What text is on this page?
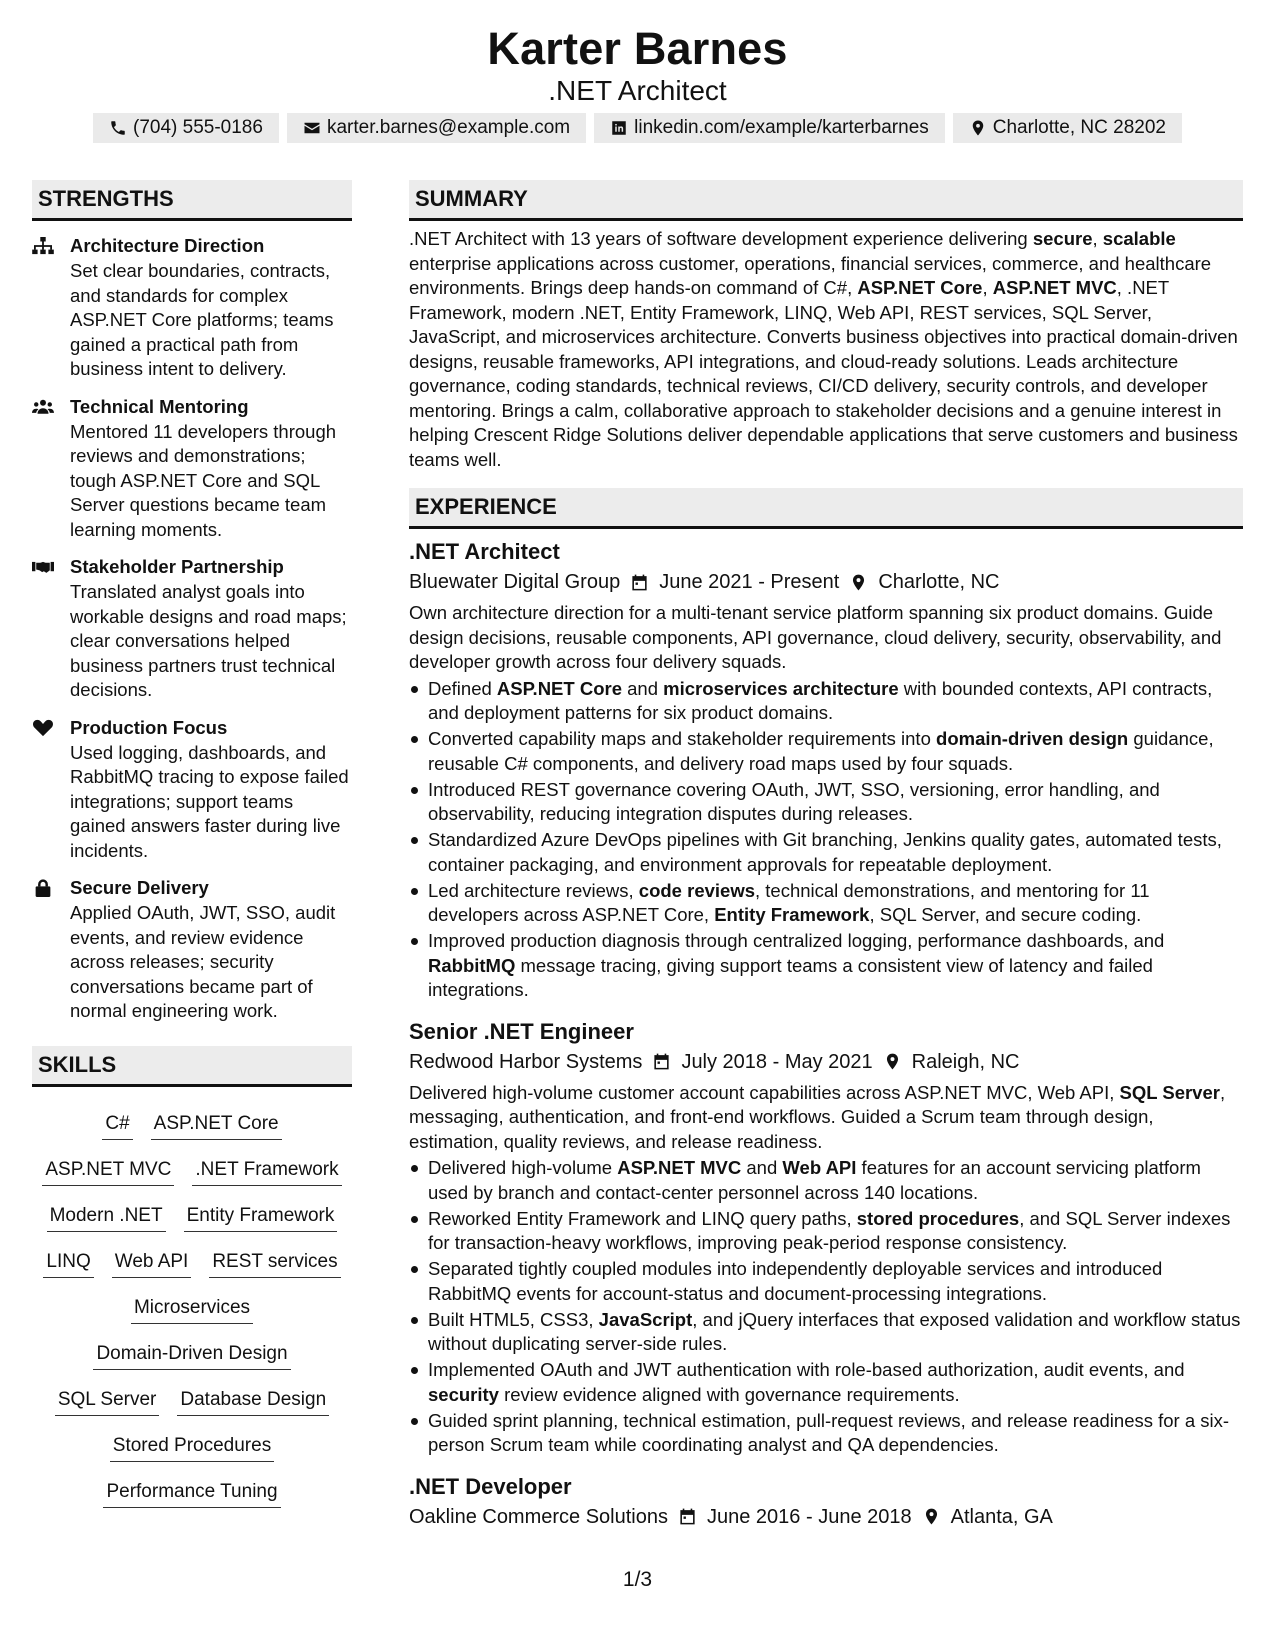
Karter Barnes
.NET Architect
(704) 555-0186	karter.barnes@example.com	linkedin.com/example/karterbarnes	Charlotte, NC 28202
STRENGTHS
Architecture Direction
Set clear boundaries, contracts, and standards for complex ASP.NET Core platforms; teams gained a practical path from business intent to delivery.
Technical Mentoring
Mentored 11 developers through reviews and demonstrations; tough ASP.NET Core and SQL Server questions became team learning moments.
Stakeholder Partnership
Translated analyst goals into workable designs and road maps; clear conversations helped business partners trust technical decisions.
Production Focus
Used logging, dashboards, and RabbitMQ tracing to expose failed integrations; support teams gained answers faster during live incidents.
Secure Delivery
Applied OAuth, JWT, SSO, audit events, and review evidence across releases; security conversations became part of normal engineering work.
SKILLS
C# ASP.NET Core
ASP.NET MVC .NET Framework
Modern .NET Entity Framework
LINQ Web API REST services
Microservices
Domain-Driven Design
SQL Server Database Design
Stored Procedures
Performance Tuning
SUMMARY
.NET Architect with 13 years of software development experience delivering secure, scalable enterprise applications across customer, operations, financial services, commerce, and healthcare environments. Brings deep hands-on command of C#, ASP.NET Core, ASP.NET MVC, .NET Framework, modern .NET, Entity Framework, LINQ, Web API, REST services, SQL Server, JavaScript, and microservices architecture. Converts business objectives into practical domain-driven designs, reusable frameworks, API integrations, and cloud-ready solutions. Leads architecture governance, coding standards, technical reviews, CI/CD delivery, security controls, and developer mentoring. Brings a calm, collaborative approach to stakeholder decisions and a genuine interest in helping Crescent Ridge Solutions deliver dependable applications that serve customers and business teams well.
EXPERIENCE
.NET Architect
Bluewater Digital Group June 2021 - Present Charlotte, NC
Own architecture direction for a multi-tenant service platform spanning six product domains. Guide design decisions, reusable components, API governance, cloud delivery, security, observability, and developer growth across four delivery squads.
Defined ASP.NET Core and microservices architecture with bounded contexts, API contracts, and deployment patterns for six product domains.
Converted capability maps and stakeholder requirements into domain-driven design guidance, reusable C# components, and delivery road maps used by four squads.
Introduced REST governance covering OAuth, JWT, SSO, versioning, error handling, and observability, reducing integration disputes during releases.
Standardized Azure DevOps pipelines with Git branching, Jenkins quality gates, automated tests, container packaging, and environment approvals for repeatable deployment.
Led architecture reviews, code reviews, technical demonstrations, and mentoring for 11 developers across ASP.NET Core, Entity Framework, SQL Server, and secure coding.
Improved production diagnosis through centralized logging, performance dashboards, and RabbitMQ message tracing, giving support teams a consistent view of latency and failed integrations.
Senior .NET Engineer
Redwood Harbor Systems July 2018 - May 2021 Raleigh, NC
Delivered high-volume customer account capabilities across ASP.NET MVC, Web API, SQL Server, messaging, authentication, and front-end workflows. Guided a Scrum team through design, estimation, quality reviews, and release readiness.
Delivered high-volume ASP.NET MVC and Web API features for an account servicing platform used by branch and contact-center personnel across 140 locations.
Reworked Entity Framework and LINQ query paths, stored procedures, and SQL Server indexes for transaction-heavy workflows, improving peak-period response consistency.
Separated tightly coupled modules into independently deployable services and introduced RabbitMQ events for account-status and document-processing integrations.
Built HTML5, CSS3, JavaScript, and jQuery interfaces that exposed validation and workflow status without duplicating server-side rules.
Implemented OAuth and JWT authentication with role-based authorization, audit events, and security review evidence aligned with governance requirements.
Guided sprint planning, technical estimation, pull-request reviews, and release readiness for a six-person Scrum team while coordinating analyst and QA dependencies.
.NET Developer
Oakline Commerce Solutions June 2016 - June 2018 Atlanta, GA
1/3
